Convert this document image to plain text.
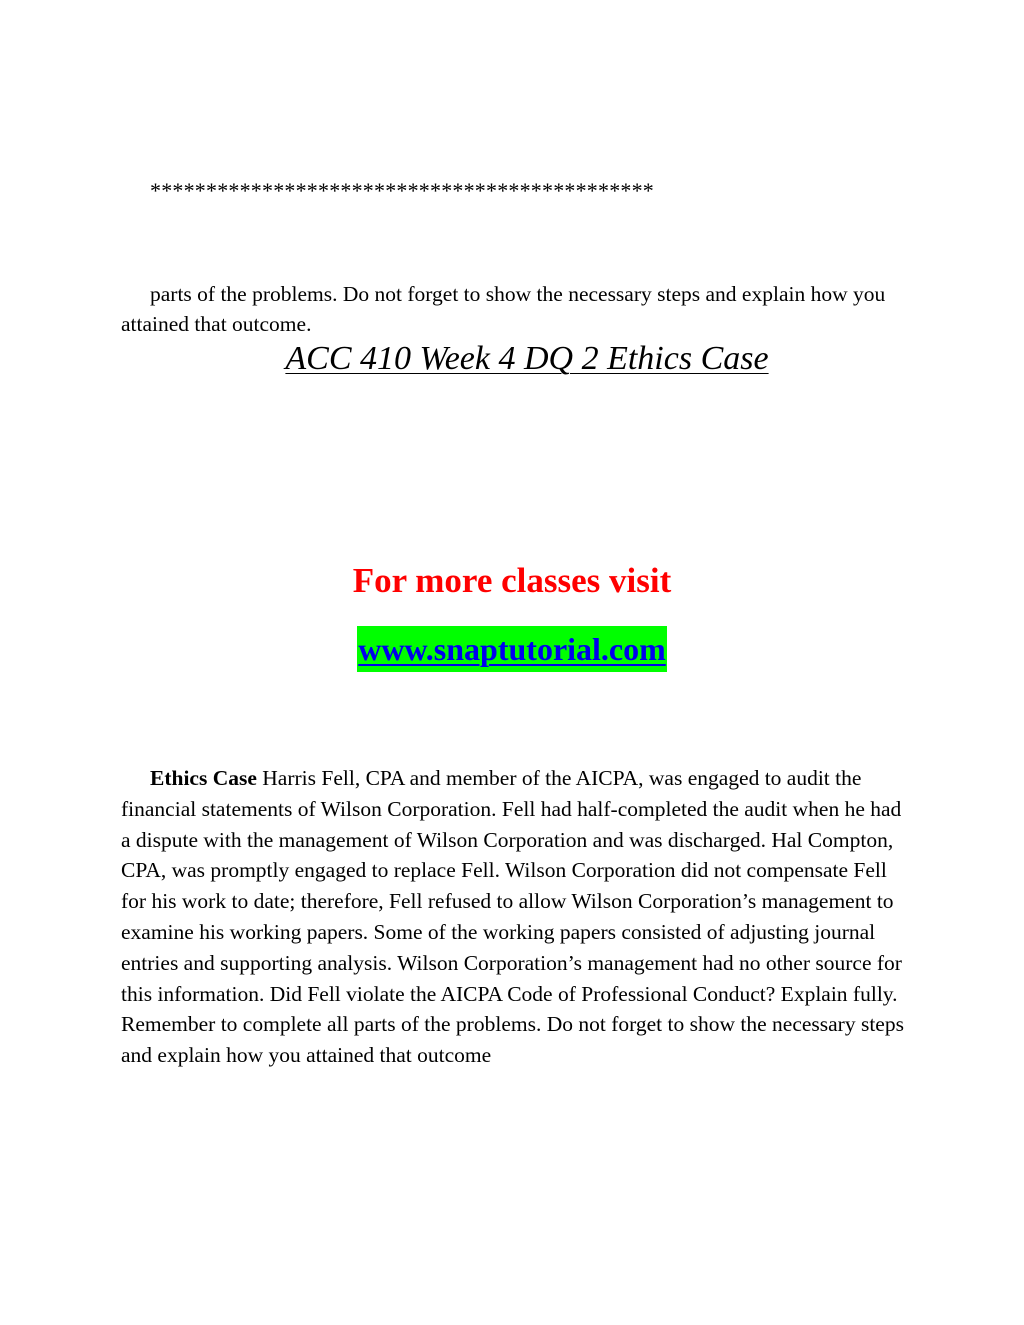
*********************************************
parts of the problems. Do not forget to show the necessary steps and explain how you attained that outcome.
ACC 410 Week 4 DQ 2 Ethics Case
For more classes visit
www.snaptutorial.com
Ethics Case Harris Fell, CPA and member of the AICPA, was engaged to audit the financial statements of Wilson Corporation. Fell had half-completed the audit when he had a dispute with the management of Wilson Corporation and was discharged. Hal Compton, CPA, was promptly engaged to replace Fell. Wilson Corporation did not compensate Fell for his work to date; therefore, Fell refused to allow Wilson Corporation’s management to examine his working papers. Some of the working papers consisted of adjusting journal entries and supporting analysis. Wilson Corporation’s management had no other source for this information. Did Fell violate the AICPA Code of Professional Conduct? Explain fully. Remember to complete all parts of the problems. Do not forget to show the necessary steps and explain how you attained that outcome
